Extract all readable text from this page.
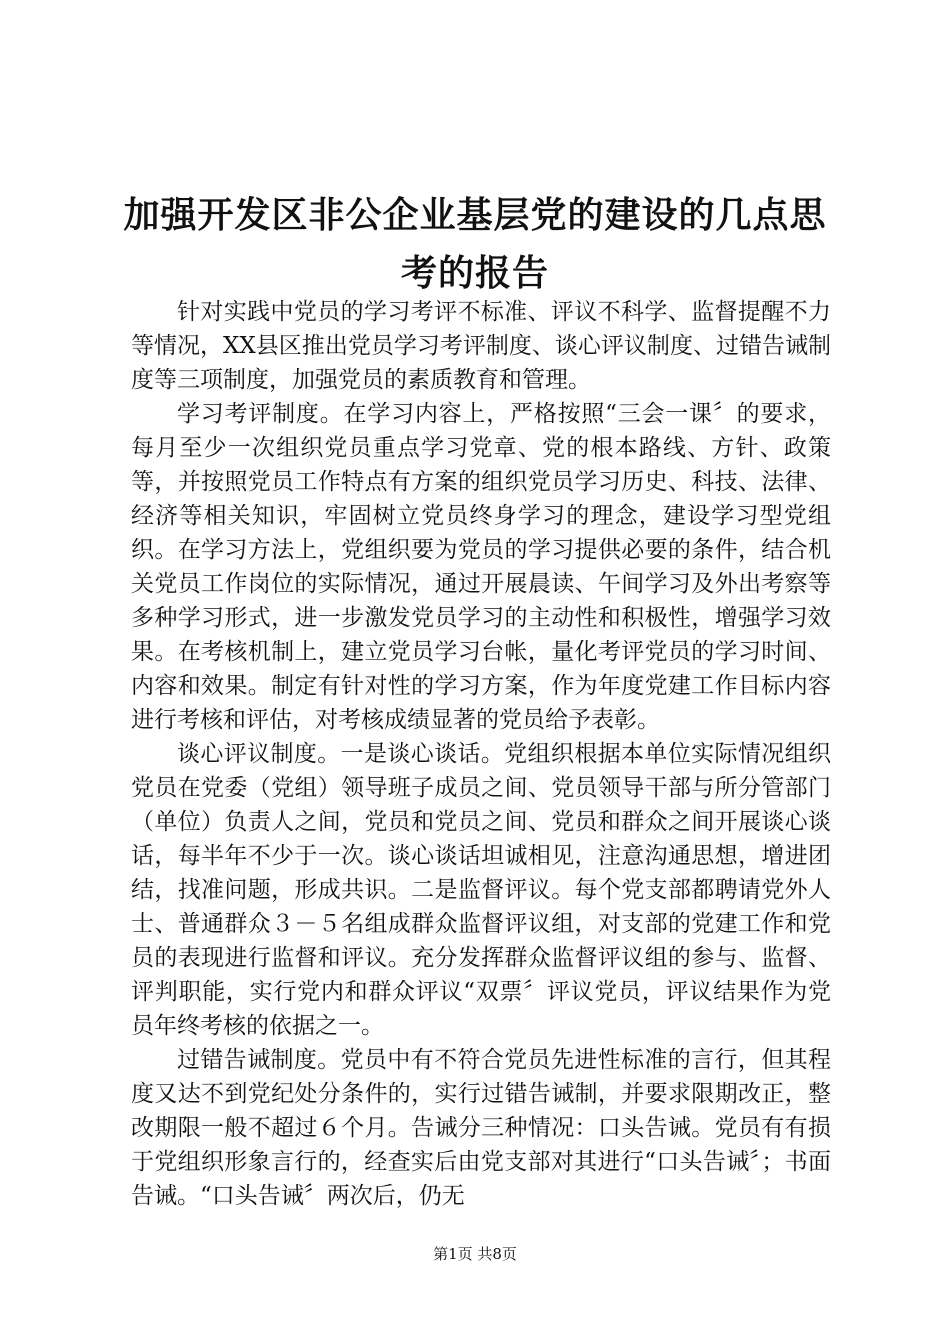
加强开发区非公企业基层党的建设的几点思考的报告

针对实践中党员的学习考评不标准、评议不科学、监督提醒不力等情况，XX县区推出党员学习考评制度、谈心评议制度、过错告诫制度等三项制度，加强党员的素质教育和管理。

学习考评制度。在学习内容上，严格按照“三会一课〞的要求，每月至少一次组织党员重点学习党章、党的根本路线、方针、政策等，并按照党员工作特点有方案的组织党员学习历史、科技、法律、经济等相关知识，牢固树立党员终身学习的理念，建设学习型党组织。在学习方法上，党组织要为党员的学习提供必要的条件，结合机关党员工作岗位的实际情况，通过开展晨读、午间学习及外出考察等多种学习形式，进一步激发党员学习的主动性和积极性，增强学习效果。在考核机制上，建立党员学习台帐，量化考评党员的学习时间、内容和效果。制定有针对性的学习方案，作为年度党建工作目标内容进行考核和评估，对考核成绩显著的党员给予表彰。

谈心评议制度。一是谈心谈话。党组织根据本单位实际情况组织党员在党委（党组）领导班子成员之间、党员领导干部与所分管部门（单位）负责人之间，党员和党员之间、党员和群众之间开展谈心谈话，每半年不少于一次。谈心谈话坦诚相见，注意沟通思想，增进团结，找准问题，形成共识。二是监督评议。每个党支部都聘请党外人士、普通群众３－５名组成群众监督评议组，对支部的党建工作和党员的表现进行监督和评议。充分发挥群众监督评议组的参与、监督、评判职能，实行党内和群众评议“双票〞评议党员，评议结果作为党员年终考核的依据之一。

过错告诫制度。党员中有不符合党员先进性标准的言行，但其程度又达不到党纪处分条件的，实行过错告诫制，并要求限期改正，整改期限一般不超过６个月。告诫分三种情况：口头告诫。党员有有损于党组织形象言行的，经查实后由党支部对其进行“口头告诫〞；书面告诫。“口头告诫〞两次后，仍无

第1页 共8页
